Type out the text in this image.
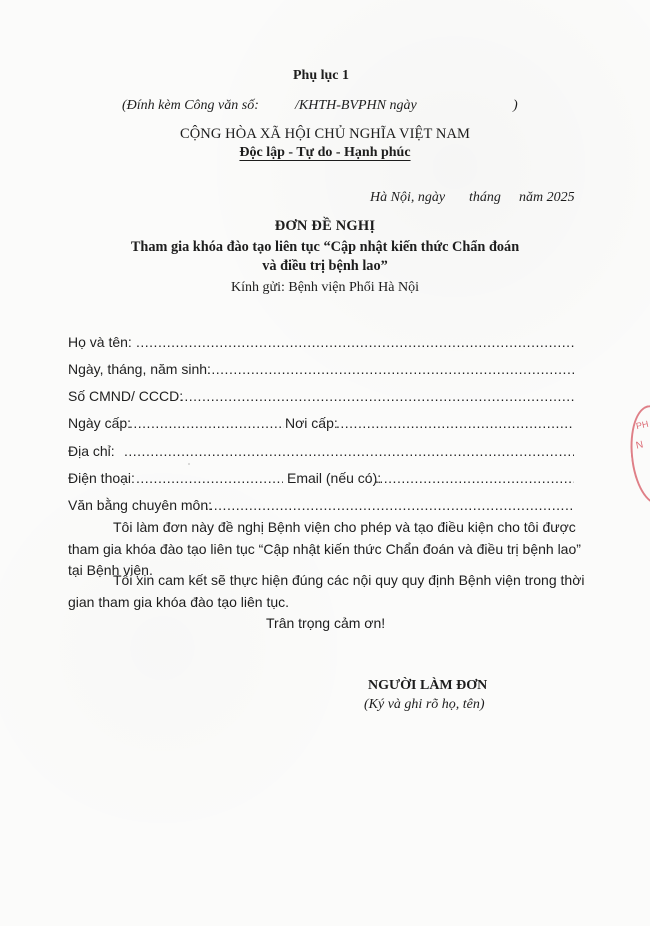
Phụ lục 1
(Đính kèm Công văn số:	/KHTH-BVPHN ngày	)
CỘNG HÒA XÃ HỘI CHỦ NGHĨA VIỆT NAM
Độc lập - Tự do - Hạnh phúc
Hà Nội, ngày tháng năm 2025
ĐƠN ĐỀ NGHỊ
Tham gia khóa đào tạo liên tục “Cập nhật kiến thức Chẩn đoán
và điều trị bệnh lao”
Kính gửi: Bệnh viện Phổi Hà Nội
Họ và tên:
.....
Ngày, tháng, năm sinh:
.....
Số CMND/ CCCD:
.....
Ngày cấp: .....	Nơi cấp:
.....
Địa chỉ:
.....
Điện thoại: .....	Email (nếu có):
.....
Văn bằng chuyên môn:
.....
Tôi làm đơn này đề nghị Bệnh viện cho phép và tạo điều kiện cho tôi được tham gia khóa đào tạo liên tục “Cập nhật kiến thức Chẩn đoán và điều trị bệnh lao” tại Bệnh viện.
Tôi xin cam kết sẽ thực hiện đúng các nội quy quy định Bệnh viện trong thời gian tham gia khóa đào tạo liên tục.
Trân trọng cảm ơn!
NGƯỜI LÀM ĐƠN
(Ký và ghi rõ họ, tên)
PH
N
